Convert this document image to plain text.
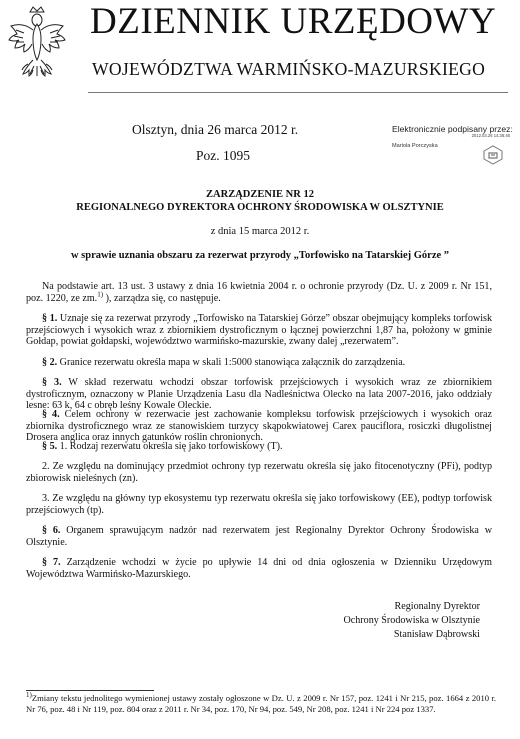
DZIENNIK URZĘDOWY
WOJEWÓDZTWA WARMIŃSKO-MAZURSKIEGO
Olsztyn, dnia 26 marca 2012 r.
Poz. 1095
Elektronicznie podpisany przez:
2012.03.26 14:36:46
Mariola Porczyska
ZARZĄDZENIE NR 12
REGIONALNEGO DYREKTORA OCHRONY ŚRODOWISKA W OLSZTYNIE
z dnia 15 marca 2012 r.
w sprawie uznania obszaru za rezerwat przyrody „Torfowisko na Tatarskiej Górze ”
Na podstawie art. 13 ust. 3 ustawy z dnia 16 kwietnia 2004 r. o ochronie przyrody (Dz. U. z 2009 r. Nr 151, poz. 1220, ze zm.$^{1)}$ ), zarządza się, co następuje.
§ 1. Uznaje się za rezerwat przyrody „Torfowisko na Tatarskiej Górze” obszar obejmujący kompleks torfowisk przejściowych i wysokich wraz z zbiornikiem dystroficznym o łącznej powierzchni 1,87 ha, położony w gminie Gołdap, powiat gołdapski, województwo warmińsko-mazurskie, zwany dalej „rezerwatem”.
§ 2. Granice rezerwatu określa mapa w skali 1:5000 stanowiąca załącznik do zarządzenia.
§ 3. W skład rezerwatu wchodzi obszar torfowisk przejściowych i wysokich wraz ze zbiornikiem dystroficznym, oznaczony w Planie Urządzenia Lasu dla Nadleśnictwa Olecko na lata 2007-2016, jako oddziały lesne: 63 k, 64 c obręb leśny Kowale Oleckie.
§ 4. Celem ochrony w rezerwacie jest zachowanie kompleksu torfowisk przejściowych i wysokich oraz zbiornika dystroficznego wraz ze stanowiskiem turzycy skąpokwiatowej Carex pauciflora, rosiczki długolistnej Drosera anglica oraz innych gatunków roślin chronionych.
§ 5. 1. Rodzaj rezerwatu określa się jako torfowiskowy (T).
2. Ze względu na dominujący przedmiot ochrony typ rezerwatu określa się jako fitocenotyczny (PFi), podtyp zbiorowisk nieleśnych (zn).
3. Ze względu na główny typ ekosystemu typ rezerwatu określa się jako torfowiskowy (EE), podtyp torfowisk przejściowych (tp).
§ 6. Organem sprawującym nadzór nad rezerwatem jest Regionalny Dyrektor Ochrony Środowiska w Olsztynie.
§ 7. Zarządzenie wchodzi w życie po upływie 14 dni od dnia ogłoszenia w Dzienniku Urzędowym Województwa Warmińsko-Mazurskiego.
Regionalny Dyrektor
Ochrony Środowiska w Olsztynie
Stanisław Dąbrowski
$^{1)}$Zmiany tekstu jednolitego wymienionej ustawy zostały ogłoszone w Dz. U. z 2009 r. Nr 157, poz. 1241 i Nr 215, poz. 1664 z 2010 r. Nr 76, poz. 48 i Nr 119, poz. 804 oraz z 2011 r. Nr 34, poz. 170, Nr 94, poz. 549, Nr 208, poz. 1241 i Nr 224 poz 1337.
